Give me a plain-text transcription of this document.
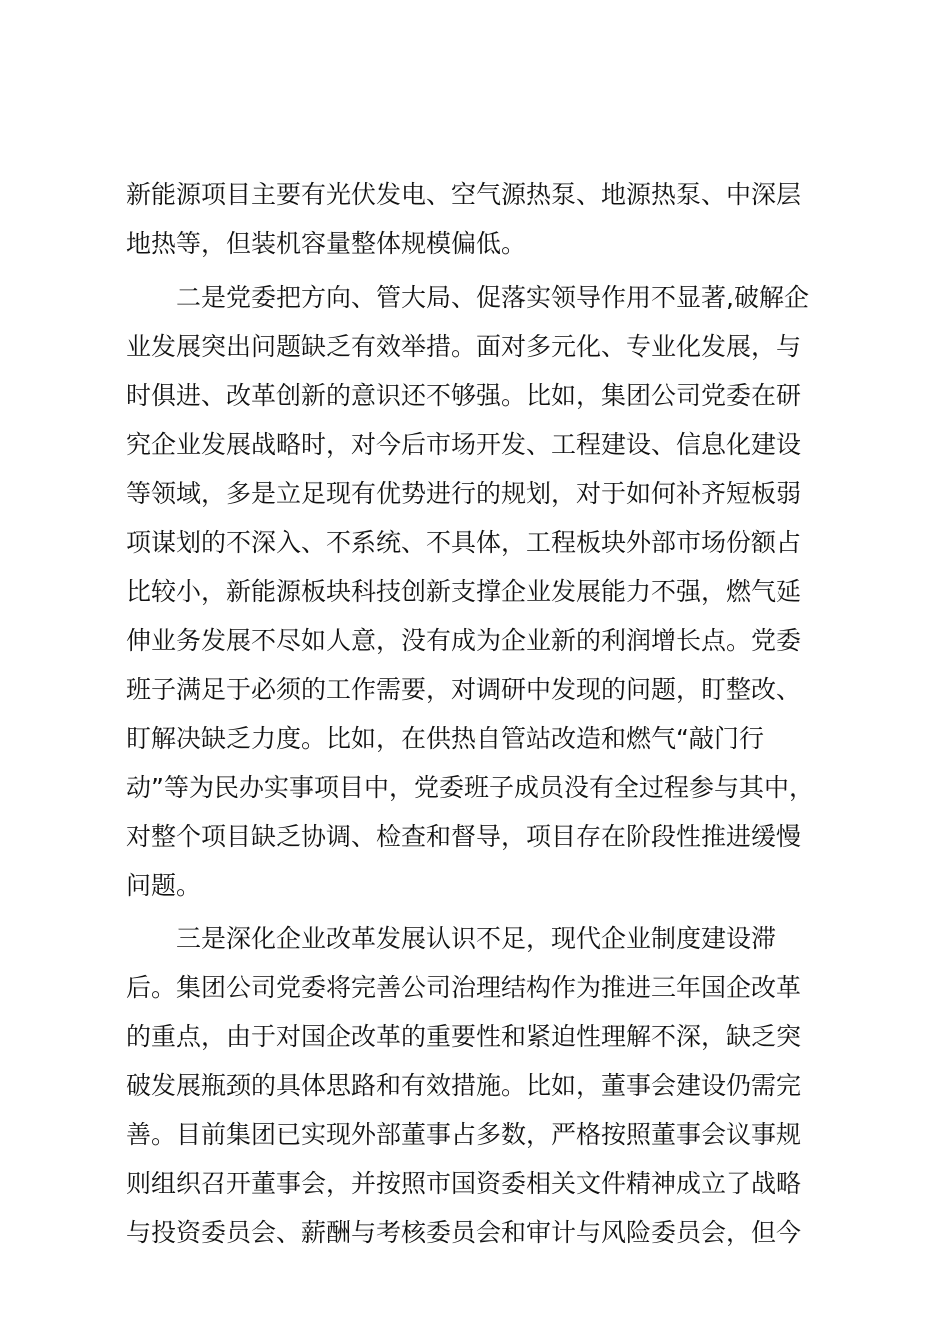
新能源项目主要有光伏发电、空气源热泵、地源热泵、中深层
地热等，但装机容量整体规模偏低。
二是党委把方向、管大局、促落实领导作用不显著,破解企
业发展突出问题缺乏有效举措。面对多元化、专业化发展，与
时俱进、改革创新的意识还不够强。比如，集团公司党委在研
究企业发展战略时，对今后市场开发、工程建设、信息化建设
等领域，多是立足现有优势进行的规划，对于如何补齐短板弱
项谋划的不深入、不系统、不具体，工程板块外部市场份额占
比较小，新能源板块科技创新支撑企业发展能力不强，燃气延
伸业务发展不尽如人意，没有成为企业新的利润增长点。党委
班子满足于必须的工作需要，对调研中发现的问题，盯整改、
盯解决缺乏力度。比如，在供热自管站改造和燃气“敲门行
动”等为民办实事项目中，党委班子成员没有全过程参与其中，
对整个项目缺乏协调、检查和督导，项目存在阶段性推进缓慢
问题。
三是深化企业改革发展认识不足，现代企业制度建设滞
后。集团公司党委将完善公司治理结构作为推进三年国企改革
的重点，由于对国企改革的重要性和紧迫性理解不深，缺乏突
破发展瓶颈的具体思路和有效措施。比如，董事会建设仍需完
善。目前集团已实现外部董事占多数，严格按照董事会议事规
则组织召开董事会，并按照市国资委相关文件精神成立了战略
与投资委员会、薪酬与考核委员会和审计与风险委员会，但今
